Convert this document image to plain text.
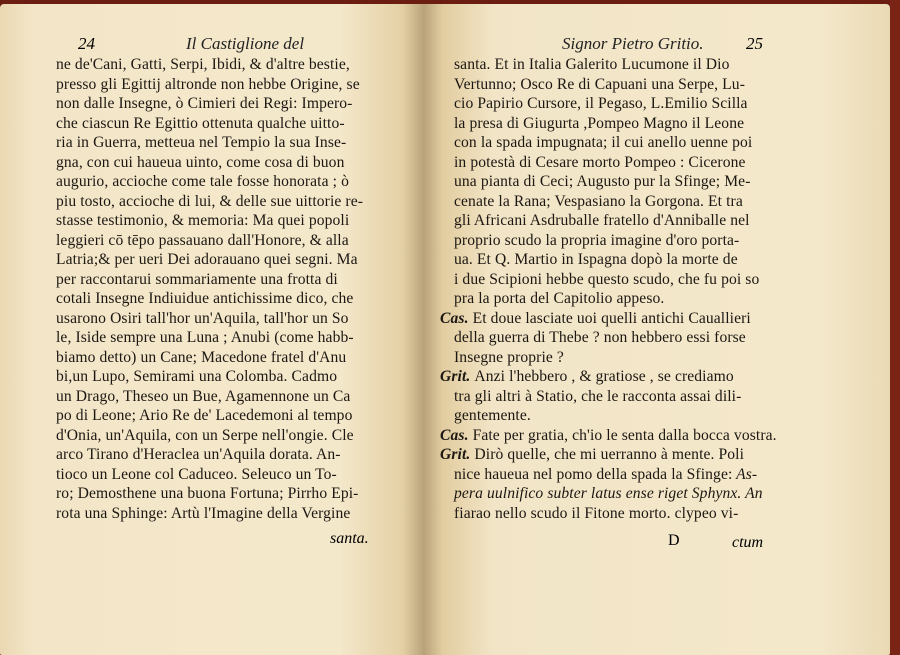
24	Il Castiglione del
ne de'Cani, Gatti, Serpi, Ibidi, & d'altre bestie,
presso gli Egittij altronde non hebbe Origine, se
non dalle Insegne, ò Cimieri dei Regi: Impero-
che ciascun Re Egittio ottenuta qualche uitto-
ria in Guerra, metteua nel Tempio la sua Inse-
gna, con cui haueua uinto, come cosa di buon
augurio, accioche come tale fosse honorata ; ò
piu tosto, accioche di lui, & delle sue uittorie re-
stasse testimonio, & memoria: Ma quei popoli
leggieri cō tēpo passauano dall'Honore, & alla
Latria;& per ueri Dei adorauano quei segni. Ma
per raccontarui sommariamente una frotta di
cotali Insegne Indiuidue antichissime dico, che
usarono Osiri tall'hor un'Aquila, tall'hor un So
le, Iside sempre una Luna ; Anubi (come habb-
biamo detto) un Cane; Macedone fratel d'Anu
bi,un Lupo, Semirami una Colomba. Cadmo
un Drago, Theseo un Bue, Agamennone un Ca
po di Leone; Ario Re de' Lacedemoni al tempo
d'Onia, un'Aquila, con un Serpe nell'ongie. Cle
arco Tirano d'Heraclea un'Aquila dorata. An-
tioco un Leone col Caduceo. Seleuco un To-
ro; Demosthene una buona Fortuna; Pirrho Epi-
rota una Sphinge: Artù l'Imagine della Vergine
santa.
Signor Pietro Gritio. 25
santa. Et in Italia Galerito Lucumone il Dio
Vertunno; Osco Re di Capuani una Serpe, Lu-
cio Papirio Cursore, il Pegaso, L.Emilio Scilla
la presa di Giugurta ,Pompeo Magno il Leone
con la spada impugnata; il cui anello uenne poi
in potestà di Cesare morto Pompeo : Cicerone
una pianta di Ceci; Augusto pur la Sfinge; Me-
cenate la Rana; Vespasiano la Gorgona. Et tra
gli Africani Asdruballe fratello d'Anniballe nel
proprio scudo la propria imagine d'oro porta-
ua. Et Q. Martio in Ispagna dopò la morte de
i due Scipioni hebbe questo scudo, che fu poi so
pra la porta del Capitolio appeso.
Cas. Et doue lasciate uoi quelli antichi Cauallieri
della guerra di Thebe ? non hebbero essi forse
Insegne proprie ?
Grit. Anzi l'hebbero , & gratiose , se crediamo
tra gli altri à Statio, che le racconta assai dili-
gentemente.
Cas. Fate per gratia, ch'io le senta dalla bocca vostra.
Grit. Dirò quelle, che mi uerranno à mente. Poli
nice haueua nel pomo della spada la Sfinge: As-
pera uulnifico subter latus ense riget Sphynx. An
fiarao nello scudo il Fitone morto. clypeo vi-
D	ctum
